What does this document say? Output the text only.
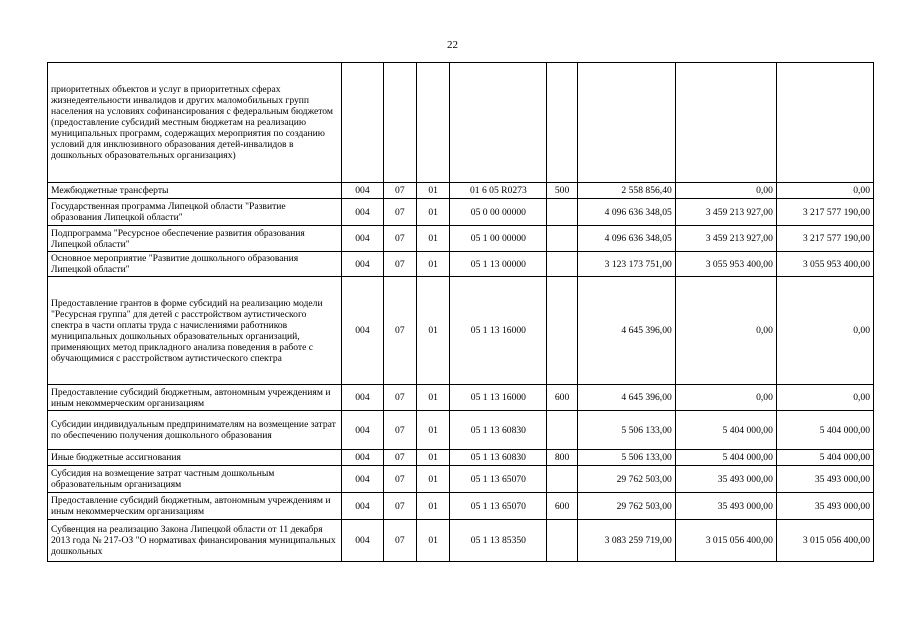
22
приоритетных объектов и услуг в приоритетных сферах жизнедеятельности инвалидов и других маломобильных групп населения на условиях софинансирования с федеральным бюджетом (предоставление субсидий местным бюджетам на реализацию муниципальных программ, содержащих мероприятия по созданию условий для инклюзивного образования детей-инвалидов в дошкольных образовательных организациях)								
Межбюджетные трансферты	004	07	01	01 6 05 R0273	500	2 558 856,40	0,00	0,00
Государственная программа Липецкой области "Развитие образования Липецкой области"	004	07	01	05 0 00 00000		4 096 636 348,05	3 459 213 927,00	3 217 577 190,00
Подпрограмма "Ресурсное обеспечение развития образования Липецкой области"	004	07	01	05 1 00 00000		4 096 636 348,05	3 459 213 927,00	3 217 577 190,00
Основное мероприятие "Развитие дошкольного образования Липецкой области"	004	07	01	05 1 13 00000		3 123 173 751,00	3 055 953 400,00	3 055 953 400,00
Предоставление грантов в форме субсидий на реализацию модели "Ресурсная группа" для детей с расстройством аутистического спектра в части оплаты труда с начислениями работников муниципальных дошкольных образовательных организаций, применяющих метод прикладного анализа поведения в работе с обучающимися с расстройством аутистического спектра	004	07	01	05 1 13 16000		4 645 396,00	0,00	0,00
Предоставление субсидий бюджетным, автономным учреждениям и иным некоммерческим организациям	004	07	01	05 1 13 16000	600	4 645 396,00	0,00	0,00
Субсидии индивидуальным предпринимателям на возмещение затрат по обеспечению получения дошкольного образования	004	07	01	05 1 13 60830		5 506 133,00	5 404 000,00	5 404 000,00
Иные бюджетные ассигнования	004	07	01	05 1 13 60830	800	5 506 133,00	5 404 000,00	5 404 000,00
Субсидия на возмещение затрат частным дошкольным образовательным организациям	004	07	01	05 1 13 65070		29 762 503,00	35 493 000,00	35 493 000,00
Предоставление субсидий бюджетным, автономным учреждениям и иным некоммерческим организациям	004	07	01	05 1 13 65070	600	29 762 503,00	35 493 000,00	35 493 000,00
Субвенция на реализацию Закона Липецкой области от 11 декабря 2013 года № 217-ОЗ "О нормативах финансирования муниципальных дошкольных	004	07	01	05 1 13 85350		3 083 259 719,00	3 015 056 400,00	3 015 056 400,00
